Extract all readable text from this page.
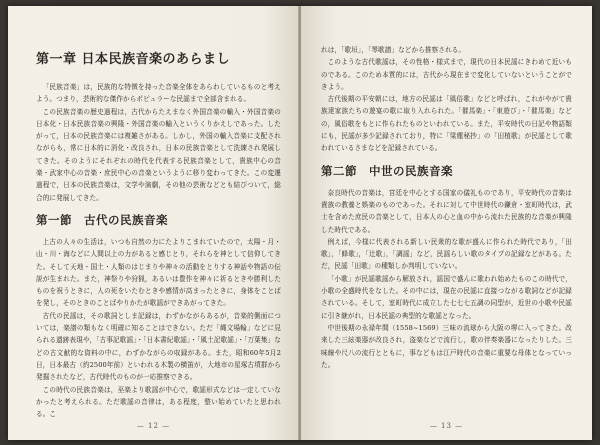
第一章 日本民族音楽のあらまし

「民族音楽」は，民族的な特徴を持った音楽全体をあらわしているものと考えよう。つまり，芸術的な傑作からポピュラーな民謡まで全部含まれる。

この民族音楽の歴史過程は，古代からたえまなく外国音楽の輸入・外国音楽の日本化・日本民族音楽の興隆・外国音楽の輸入というくりかえしであった。したがって，日本の民族音楽には複雑さがある。しかし，外国の輸入音楽に支配されながらも，常に日本的に消化・改良され，日本の民族音楽として洗練され発展してきた。そのようにそれぞれの時代を代表する民族音楽として，貴族中心の音楽・武家中心の音楽・庶民中心の音楽というように移り変わってきた。この変遷過程で，日本の民族音楽は，文学や演劇，その他の芸術などとも結びついて，総合的に発展してきた。

第一節　古代の民族音楽

上古の人々の生活は，いつも自然の力にたよりこまれていたので，太陽・月・山・川・海などに人間以上の力があると感じとり，それらを神として信仰してきた。そして天地・国土・人類のはじまりや神々の活動をとりする神話や物語の伝説が生まれた。また，神祭りや狩猟，あるいは豊作を神々に祈るときや勝利したものを祝うときに，人の死をいたむときや感情が高まったときに，身体をことばを発し，そのときのことばやりかたが歌謡ができあがってきた。

古代の民謡は，その歌詞としま記録は，わずかながらあるが，音楽的側面については，楽譜の類もなく明確に知ることはできない。ただ「縄文場輪」などに見られる遺跡表現や，「古事記歌謡」・「日本書紀歌謡」・「風土記歌謡」・「万葉集」などの古文献的な資料の中に，わずかながらの収録がある。また，昭和60年5月2日，日本最古（約2500年前）といわれる木製の横笛が，大地市の星塚古墳群から発掘されたなど，古代時代のものが一応推察できる。

この時代の民族音楽は，巫楽より歌謡が中心で，歌謡形式などは一定していなかったと考えられる。ただ歌謡の音律は，ある程度，整い始めていたと思われる。こ

— 12 —

れは，「歌垣」，「琴歌譜」などから推察される。

このような古代歌謡は，その性格・様式まで，現代の日本民謡にきわめて近いものである。このため本質的には，古代から現在まで変化していないということができよう。

古代後期の平安朝には，地方の民謡は「風俗歌」などと呼ばれ，これがやがて貴族達家族たちの遊宴の歌に取り入れられた。「催馬楽」・「東遊び」・「催馬楽」などの，風俗歌をもとに作られたものといわれている。また，平安時代の日記や物語類にも，民謡が多少記録されており，特に「梁塵秘抄」の「田植歌」が民謡として歌われているさまなどを記録されている。

第二節　中世の民族音楽

奈良時代の音楽は，宮廷を中心とする国家の儀礼ものであり，平安時代の音楽は貴族の教養と娯楽のものであった。それに対して中世時代の鎌倉・室町時代は，武士を含めた庶民の音楽として，日本人の心と血の中から流れた民族的な音楽が興隆した時代である。

例えば，今様に代表される新しい民衆的な歌が盛んに作られた時代であり，「田歌」，「蜂歌」，「辻歌」，「調謡」など，民謡らしい歌のタイプの記録などがある。ただ，民謡「田歌」の種類しか判明していない。

「小歌」が民謡歌謡から解放され，謡国で盛んに歌われ始めたものこの時代で，小歌の全盛時代をなした。その中には，現在の民謡に直接つながる歌詞などが記録されている。そして，室町時代に成立した七七七五調の同型が，近世の小歌や民謡に引き継がれ，日本民謡の典型的な歌謡となった。

中世後期の永禄年間（1558~1569）三味の流球から大阪の堺に入ってきた。改来した三絃楽器が改良され，盗楽などで流行し，歌の伴奏楽器になったりした。三味線や尺八の流行とともに，事などもは江戸時代の音楽に重要な母体となっていった。

— 13 —
